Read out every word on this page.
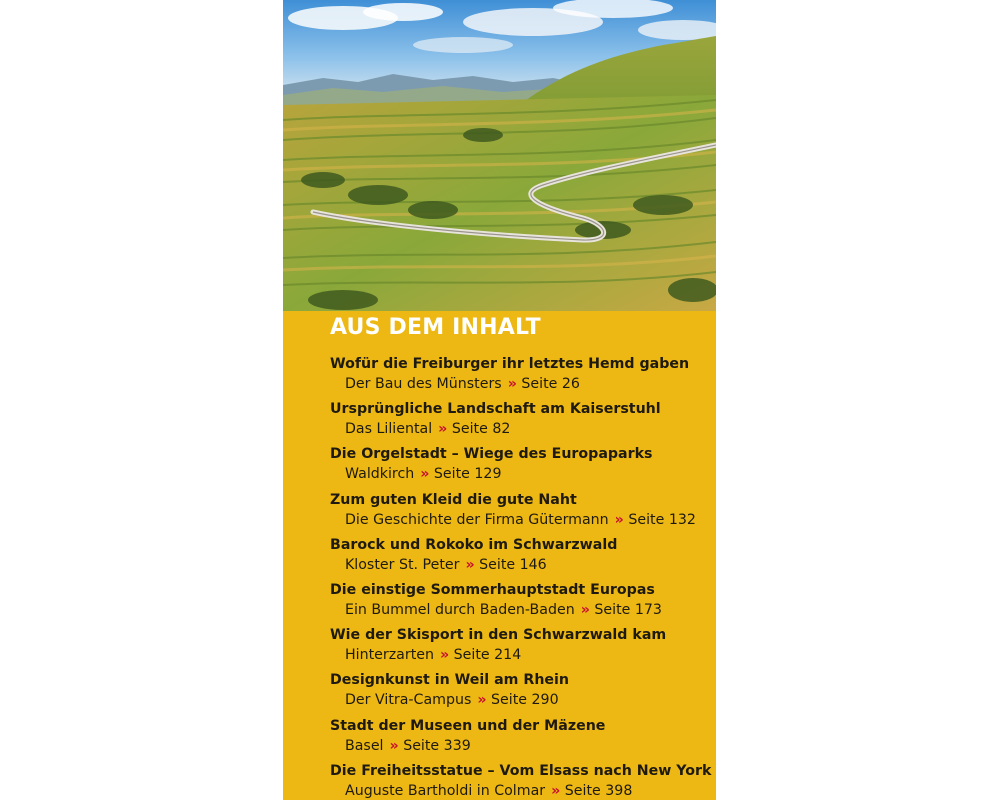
AUS DEM INHALT
Wofür die Freiburger ihr letztes Hemd gaben
Der Bau des Münsters » Seite 26
Ursprüngliche Landschaft am Kaiserstuhl
Das Liliental » Seite 82
Die Orgelstadt – Wiege des Europaparks
Waldkirch » Seite 129
Zum guten Kleid die gute Naht
Die Geschichte der Firma Gütermann » Seite 132
Barock und Rokoko im Schwarzwald
Kloster St. Peter » Seite 146
Die einstige Sommerhauptstadt Europas
Ein Bummel durch Baden-Baden » Seite 173
Wie der Skisport in den Schwarzwald kam
Hinterzarten » Seite 214
Designkunst in Weil am Rhein
Der Vitra-Campus » Seite 290
Stadt der Museen und der Mäzene
Basel » Seite 339
Die Freiheitsstatue – Vom Elsass nach New York
Auguste Bartholdi in Colmar » Seite 398
